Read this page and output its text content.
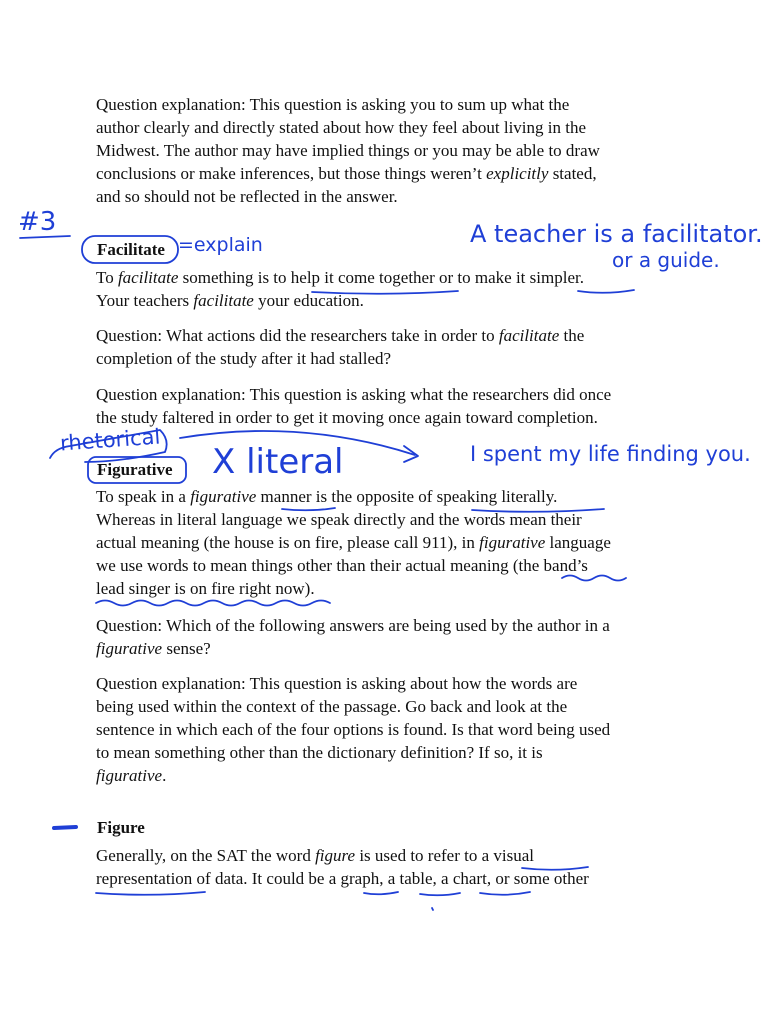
Question explanation: This question is asking you to sum up what the
author clearly and directly stated about how they feel about living in the
Midwest. The author may have implied things or you may be able to draw
conclusions or make inferences, but those things weren’t explicitly stated,
and so should not be reflected in the answer.
Facilitate
To facilitate something is to help it come together or to make it simpler.
Your teachers facilitate your education.
Question: What actions did the researchers take in order to facilitate the
completion of the study after it had stalled?
Question explanation: This question is asking what the researchers did once
the study faltered in order to get it moving once again toward completion.
Figurative
To speak in a figurative manner is the opposite of speaking literally.
Whereas in literal language we speak directly and the words mean their
actual meaning (the house is on fire, please call 911), in figurative language
we use words to mean things other than their actual meaning (the band’s
lead singer is on fire right now).
Question: Which of the following answers are being used by the author in a
figurative sense?
Question explanation: This question is asking about how the words are
being used within the context of the passage. Go back and look at the
sentence in which each of the four options is found. Is that word being used
to mean something other than the dictionary definition? If so, it is
figurative.
Figure
Generally, on the SAT the word figure is used to refer to a visual
representation of data. It could be a graph, a table, a chart, or some other
#3
=explain	A teacher is a facilitator.
or a guide.
rhetorical
X literal	I spent my life finding you.
